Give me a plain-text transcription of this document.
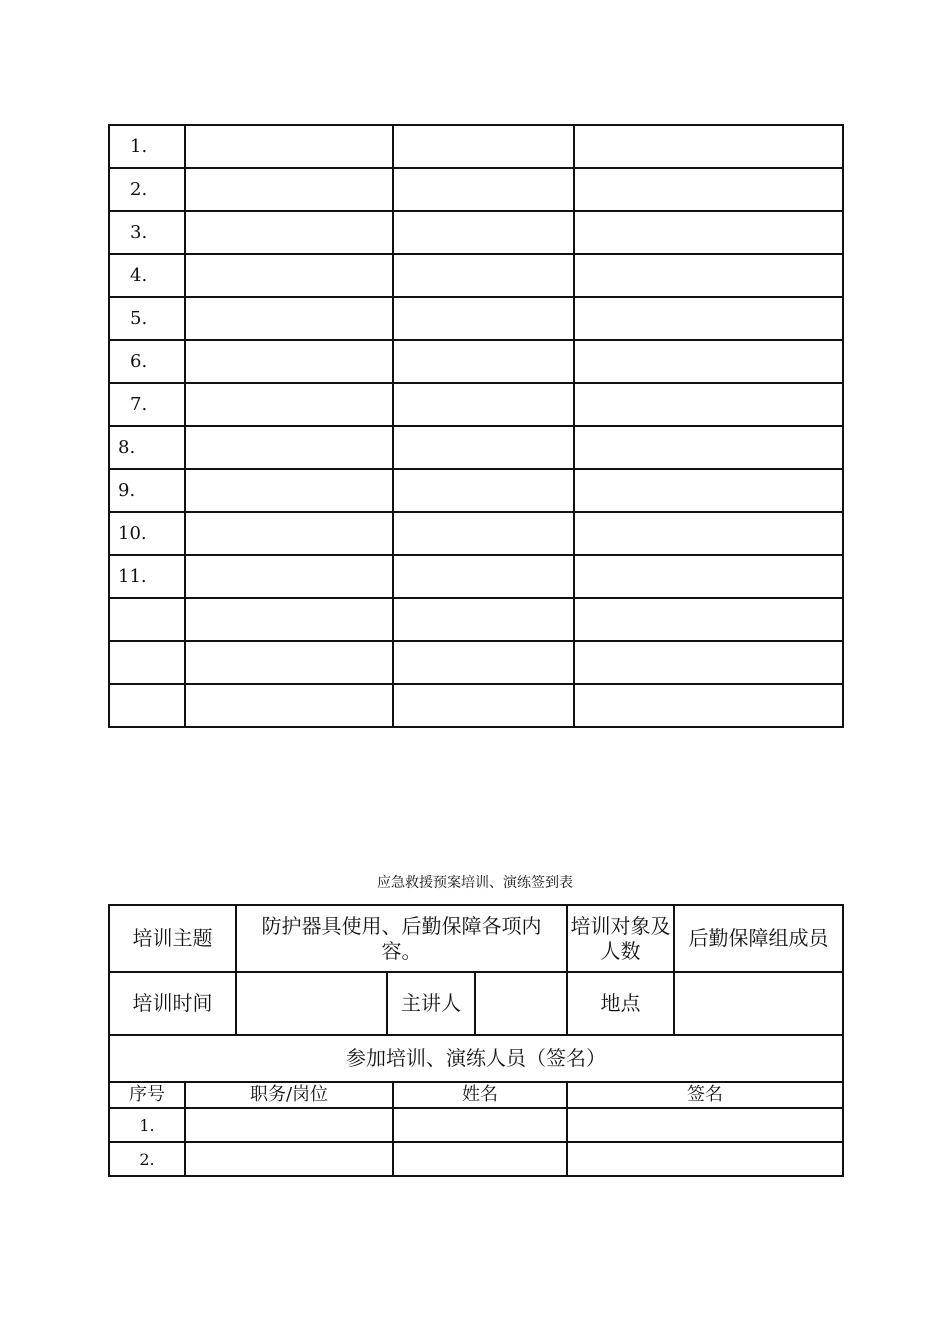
1.			
2.			
3.			
4.			
5.			
6.			
7.			
8.			
9.			
10.			
11.			

应急救援预案培训、演练签到表
培训主题		防护器具使用、后勤保障各项内容。				培训对象及人数	后勤保障组成员
培训时间			主讲人			地点	
参加培训、演练人员（签名）							
序号	职务/岗位			姓名		签名	
1.							
2.							
